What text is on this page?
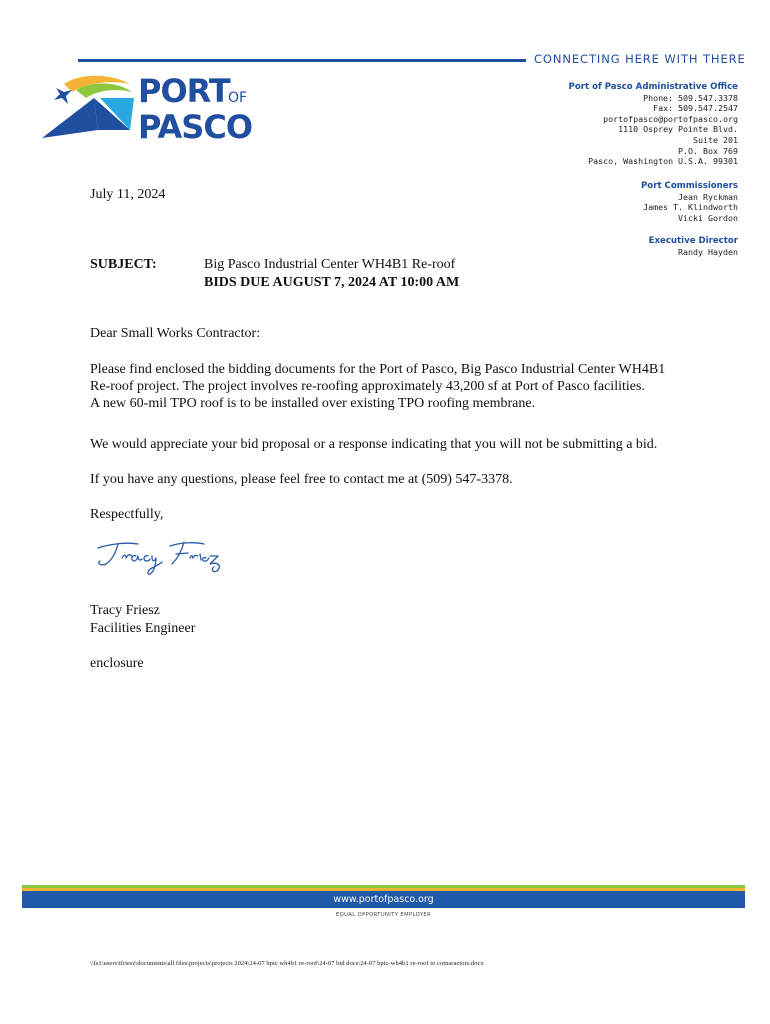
CONNECTING HERE WITH THERE
PORT
OF
PASCO
Port of Pasco Administrative Office
Phone: 509.547.3378
Fax: 509.547.2547
portofpasco@portofpasco.org
1110 Osprey Pointe Blvd.
Suite 201
P.O. Box 769
Pasco, Washington U.S.A. 99301
Port Commissioners
Jean Ryckman
James T. Klindworth
Vicki Gordon
Executive Director
Randy Hayden
July 11, 2024
SUBJECT:	Big Pasco Industrial Center WH4B1 Re-roof
BIDS DUE AUGUST 7, 2024 AT 10:00 AM
Dear Small Works Contractor:
Please find enclosed the bidding documents for the Port of Pasco, Big Pasco Industrial Center WH4B1
Re-roof project. The project involves re-roofing approximately 43,200 sf at Port of Pasco facilities.
A new 60-mil TPO roof is to be installed over existing TPO roofing membrane.
We would appreciate your bid proposal or a response indicating that you will not be submitting a bid.
If you have any questions, please feel free to contact me at (509) 547-3378.
Respectfully,
Tracy Friesz
Facilities Engineer
enclosure
www.portofpasco.org
EQUAL OPPORTUNITY EMPLOYER
\\fs1\users\tfriesz\documents\all files\projects\projects 2024\24-07 bpic wh4b1 re-roof\24-07 bid docs\24-07 bpic-wh4b1 re-roof to cotnaractors.docx
